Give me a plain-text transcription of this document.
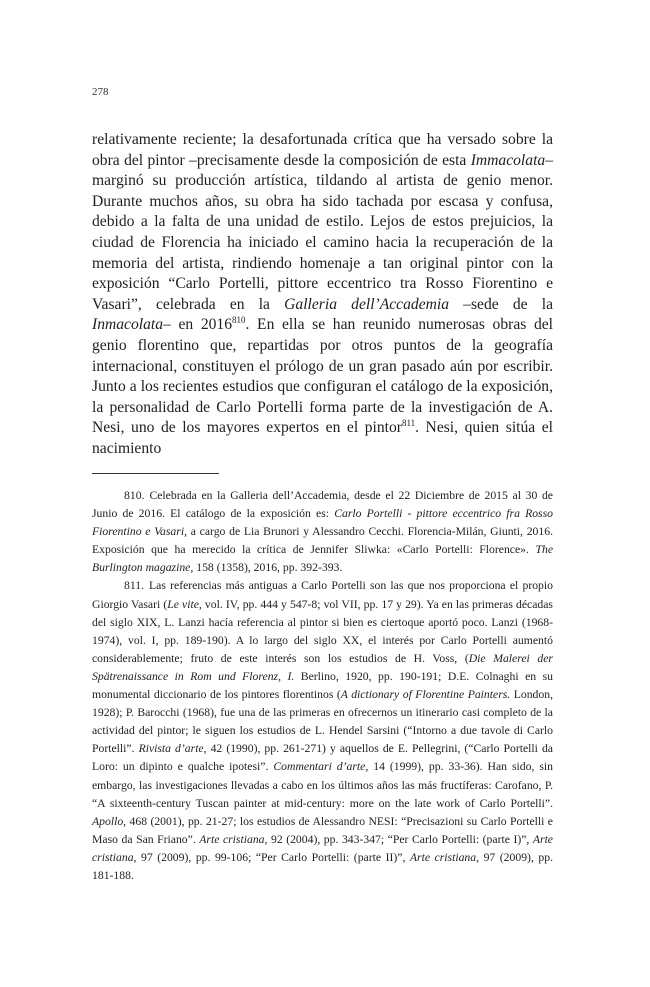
278

relativamente reciente; la desafortunada crítica que ha versado sobre la obra del pintor –precisamente desde la composición de esta Immacolata– marginó su producción artística, tildando al artista de genio menor. Durante muchos años, su obra ha sido tachada por escasa y confusa, debido a la falta de una unidad de estilo. Lejos de estos prejuicios, la ciudad de Florencia ha iniciado el camino hacia la recuperación de la memoria del artista, rindiendo homenaje a tan original pintor con la exposición “Carlo Portelli, pittore eccentrico tra Rosso Fiorentino e Vasari”, celebrada en la Galleria dell’Accademia –sede de la Inmacolata– en 2016$^{810}$. En ella se han reunido numerosas obras del genio florentino que, repartidas por otros puntos de la geografía internacional, constituyen el prólogo de un gran pasado aún por escribir. Junto a los recientes estudios que configuran el catálogo de la exposición, la personalidad de Carlo Portelli forma parte de la investigación de A. Nesi, uno de los mayores expertos en el pintor$^{811}$. Nesi, quien sitúa el nacimiento

810. Celebrada en la Galleria dell’Accademia, desde el 22 Diciembre de 2015 al 30 de Junio de 2016. El catálogo de la exposición es: Carlo Portelli - pittore eccentrico fra Rosso Fiorentino e Vasari, a cargo de Lia Brunori y Alessandro Cecchi. Florencia-Milán, Giunti, 2016. Exposición que ha merecido la crítica de Jennifer Sliwka: «Carlo Portelli: Florence». The Burlington magazine, 158 (1358), 2016, pp. 392-393.

811. Las referencias más antiguas a Carlo Portelli son las que nos proporciona el propio Giorgio Vasari (Le vite, vol. IV, pp. 444 y 547-8; vol VII, pp. 17 y 29). Ya en las primeras décadas del siglo XIX, L. Lanzi hacía referencia al pintor si bien es ciertoque aportó poco. Lanzi (1968-1974), vol. I, pp. 189-190). A lo largo del siglo XX, el interés por Carlo Portelli aumentó considerablemente; fruto de este interés son los estudios de H. Voss, (Die Malerei der Spätrenaissance in Rom und Florenz, I. Berlino, 1920, pp. 190-191; D.E. Colnaghi en su monumental diccionario de los pintores florentinos (A dictionary of Florentine Painters. London, 1928); P. Barocchi (1968), fue una de las primeras en ofrecernos un itinerario casi completo de la actividad del pintor; le siguen los estudios de L. Hendel Sarsini (“Intorno a due tavole di Carlo Portelli”. Rivista d’arte, 42 (1990), pp. 261-271) y aquellos de E. Pellegrini, (“Carlo Portelli da Loro: un dipinto e qualche ipotesi”. Commentari d’arte, 14 (1999), pp. 33-36). Han sido, sin embargo, las investigaciones llevadas a cabo en los últimos años las más fructíferas: Carofano, P. “A sixteenth-century Tuscan painter at mid-century: more on the late work of Carlo Portelli”. Apollo, 468 (2001), pp. 21-27; los estudios de Alessandro NESI: “Precisazioni su Carlo Portelli e Maso da San Friano”. Arte cristiana, 92 (2004), pp. 343-347; “Per Carlo Portelli: (parte I)”, Arte cristiana, 97 (2009), pp. 99-106; “Per Carlo Portelli: (parte II)”, Arte cristiana, 97 (2009), pp. 181-188.
